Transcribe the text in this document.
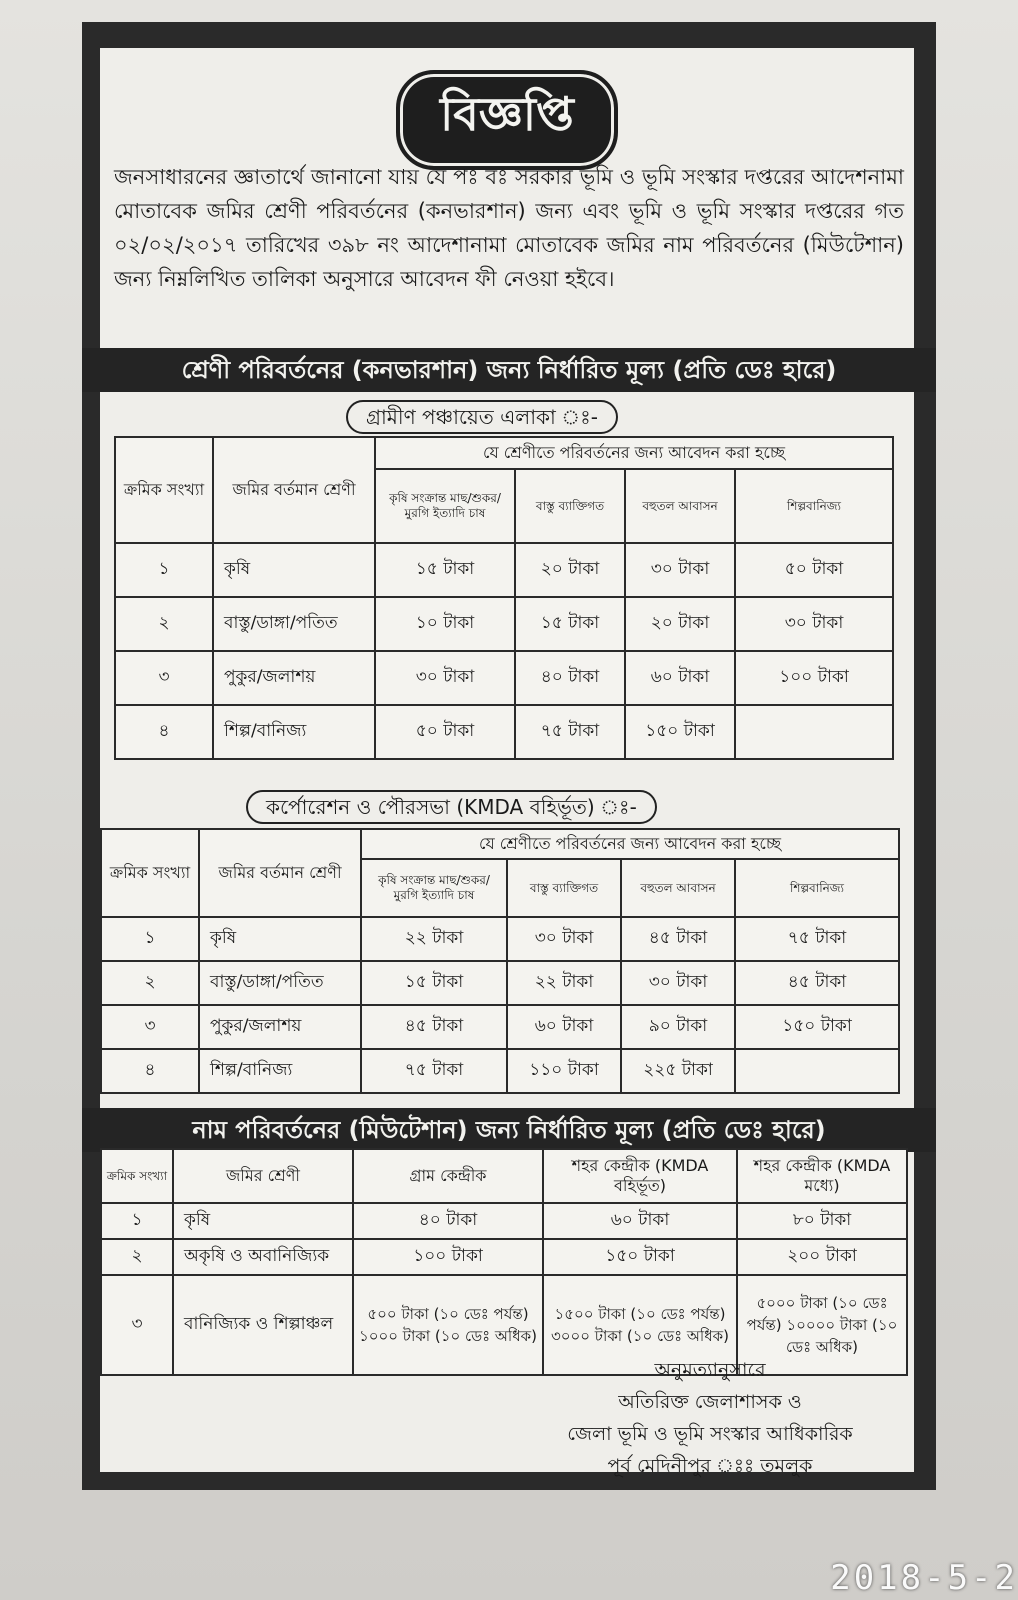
বিজ্ঞপ্তি
জনসাধারনের জ্ঞাতার্থে জানানো যায় যে পঃ বঃ সরকার ভূমি ও ভূমি সংস্কার দপ্তরের আদেশনামা মোতাবেক জমির শ্রেণী পরিবর্তনের (কনভারশান) জন্য এবং ভূমি ও ভূমি সংস্কার দপ্তরের গত ০২/০২/২০১৭ তারিখের ৩৯৮ নং আদেশানামা মোতাবেক জমির নাম পরিবর্তনের (মিউটেশান) জন্য নিম্নলিখিত তালিকা অনুসারে আবেদন ফী নেওয়া হইবে।
শ্রেণী পরিবর্তনের (কনভারশান) জন্য নির্ধারিত মূল্য (প্রতি ডেঃ হারে)
গ্রামীণ পঞ্চায়েত এলাকা ঃ-
ক্রমিক সংখ্যা	জমির বর্তমান শ্রেণী	যে শ্রেণীতে পরিবর্তনের জন্য আবেদন করা হচ্ছে			
		কৃষি সংক্রান্ত মাছ/শুকর/মুরগি ইত্যাদি চাষ	বাস্তু ব্যাক্তিগত	বহুতল আবাসন	শিল্পবানিজ্য
১	কৃষি	১৫ টাকা	২০ টাকা	৩০ টাকা	৫০ টাকা
২	বাস্তু/ডাঙ্গা/পতিত	১০ টাকা	১৫ টাকা	২০ টাকা	৩০ টাকা
৩	পুকুর/জলাশয়	৩০ টাকা	৪০ টাকা	৬০ টাকা	১০০ টাকা
৪	শিল্প/বানিজ্য	৫০ টাকা	৭৫ টাকা	১৫০ টাকা	
কর্পোরেশন ও পৌরসভা (KMDA বহির্ভূত) ঃ-
ক্রমিক সংখ্যা	জমির বর্তমান শ্রেণী	যে শ্রেণীতে পরিবর্তনের জন্য আবেদন করা হচ্ছে			
		কৃষি সংক্রান্ত মাছ/শুকর/মুরগি ইত্যাদি চাষ	বাস্তু ব্যাক্তিগত	বহুতল আবাসন	শিল্পবানিজ্য
১	কৃষি	২২ টাকা	৩০ টাকা	৪৫ টাকা	৭৫ টাকা
২	বাস্তু/ডাঙ্গা/পতিত	১৫ টাকা	২২ টাকা	৩০ টাকা	৪৫ টাকা
৩	পুকুর/জলাশয়	৪৫ টাকা	৬০ টাকা	৯০ টাকা	১৫০ টাকা
৪	শিল্প/বানিজ্য	৭৫ টাকা	১১০ টাকা	২২৫ টাকা	
নাম পরিবর্তনের (মিউটেশান) জন্য নির্ধারিত মূল্য (প্রতি ডেঃ হারে)
ক্রমিক সংখ্যা	জমির শ্রেণী	গ্রাম কেন্দ্রীক	শহর কেন্দ্রীক (KMDA বহির্ভূত)	শহর কেন্দ্রীক (KMDA মধ্যে)
১	কৃষি	৪০ টাকা	৬০ টাকা	৮০ টাকা
২	অকৃষি ও অবানিজ্যিক	১০০ টাকা	১৫০ টাকা	২০০ টাকা
৩	বানিজ্যিক ও শিল্পাঞ্চল	৫০০ টাকা (১০ ডেঃ পর্যন্ত) ১০০০ টাকা (১০ ডেঃ অধিক)	১৫০০ টাকা (১০ ডেঃ পর্যন্ত) ৩০০০ টাকা (১০ ডেঃ অধিক)	৫০০০ টাকা (১০ ডেঃ পর্যন্ত) ১০০০০ টাকা (১০ ডেঃ অধিক)
অনুমত্যানুসারে
অতিরিক্ত জেলাশাসক ও
জেলা ভূমি ও ভূমি সংস্কার আধিকারিক
পূর্ব মেদিনীপুর ঃঃ তমলুক
2018-5-2
